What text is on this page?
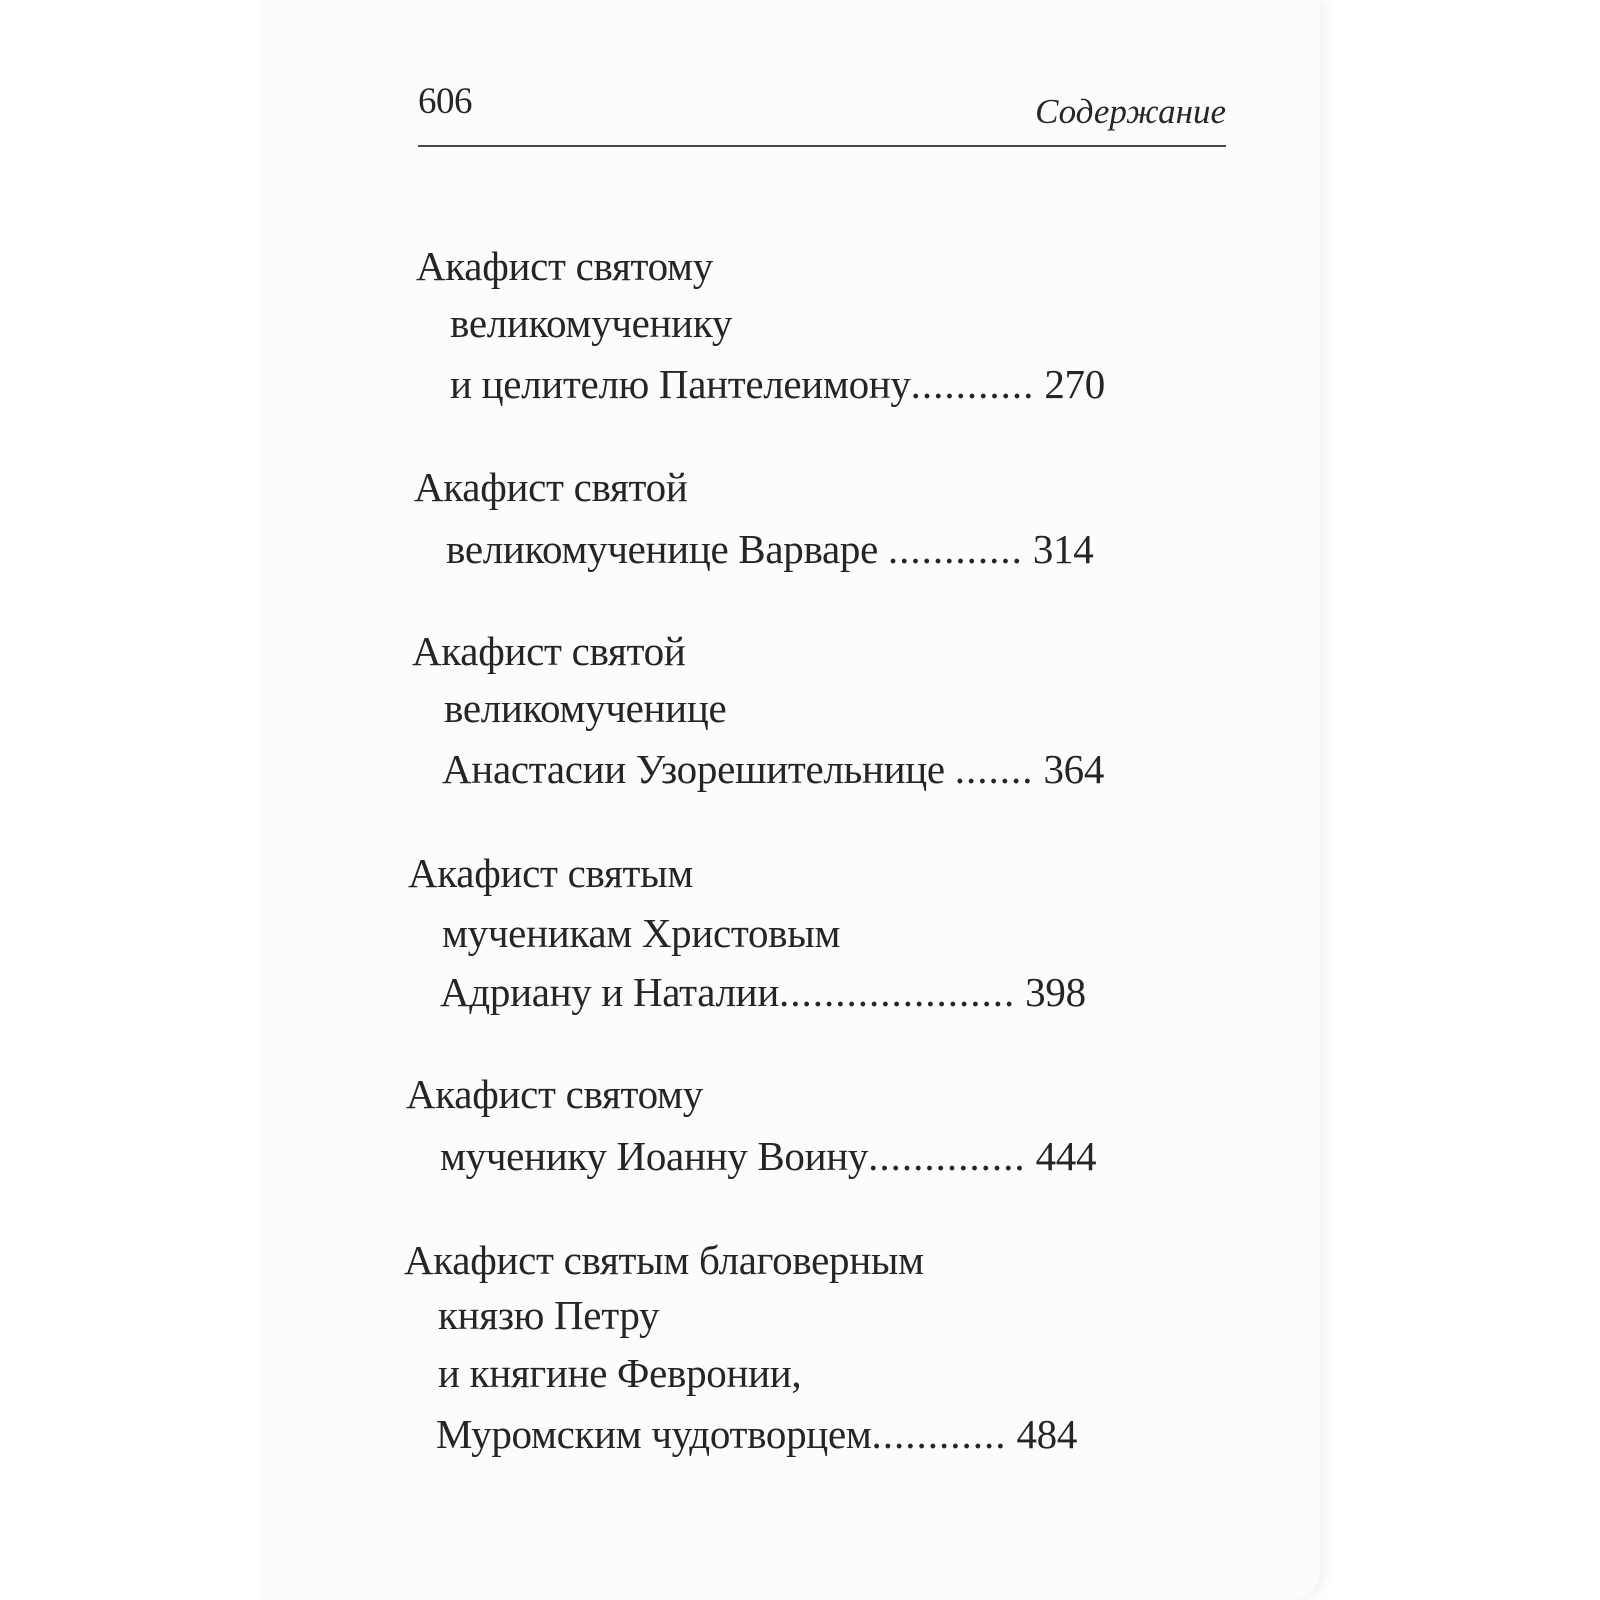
606	Содержание
Акафист святому
великомученику
и целителю Пантелеимону........... 270
Акафист святой
великомученице Варваре ............ 314
Акафист святой
великомученице
Анастасии Узорешительнице ....... 364
Акафист святым
мученикам Христовым
Адриану и Наталии..................... 398
Акафист святому
мученику Иоанну Воину.............. 444
Акафист святым благоверным
князю Петру
и княгине Февронии,
Муромским чудотворцем............ 484
